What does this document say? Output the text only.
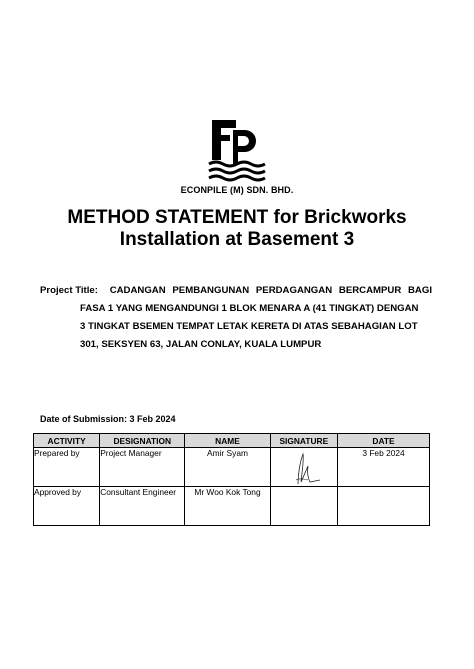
ECONPILE (M) SDN. BHD.
METHOD STATEMENT for Brickworks
Installation at Basement 3
Project Title: CADANGAN PEMBANGUNAN PERDAGANGAN BERCAMPUR BAGI
FASA 1 YANG MENGANDUNGI 1 BLOK MENARA A (41 TINGKAT) DENGAN
3 TINGKAT BSEMEN TEMPAT LETAK KERETA DI ATAS SEBAHAGIAN LOT
301, SEKSYEN 63, JALAN CONLAY, KUALA LUMPUR
Date of Submission: 3 Feb 2024
ACTIVITY	DESIGNATION	NAME	SIGNATURE	DATE
Prepared by	Project Manager	Amir Syam		3 Feb 2024
Approved by	Consultant Engineer	Mr Woo Kok Tong		
